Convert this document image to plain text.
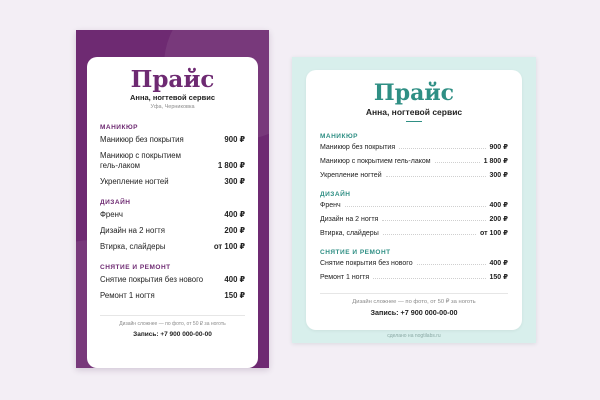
Прайс
Анна, ногтевой сервис
Уфа, Черниковка
МАНИКЮР
Маникюр без покрытия	900 ₽
Маникюр с покрытием гель-лаком	1 800 ₽
Укрепление ногтей	300 ₽
ДИЗАЙН
Френч	400 ₽
Дизайн на 2 ногтя	200 ₽
Втирка, слайдеры	от 100 ₽
СНЯТИЕ И РЕМОНТ
Снятие покрытия без нового	400 ₽
Ремонт 1 ногтя	150 ₽
Дизайн сложнее — по фото, от 50 ₽ за ноготь
Запись: +7 900 000-00-00
сделано на nogtilabs.ru
Прайс
Анна, ногтевой сервис
МАНИКЮР
Маникюр без покрытия	900 ₽
Маникюр с покрытием гель-лаком	1 800 ₽
Укрепление ногтей	300 ₽
ДИЗАЙН
Френч	400 ₽
Дизайн на 2 ногтя	200 ₽
Втирка, слайдеры	от 100 ₽
СНЯТИЕ И РЕМОНТ
Снятие покрытия без нового	400 ₽
Ремонт 1 ногтя	150 ₽
Дизайн сложнее — по фото, от 50 ₽ за ноготь
Запись: +7 900 000-00-00
сделано на nogtilabs.ru
